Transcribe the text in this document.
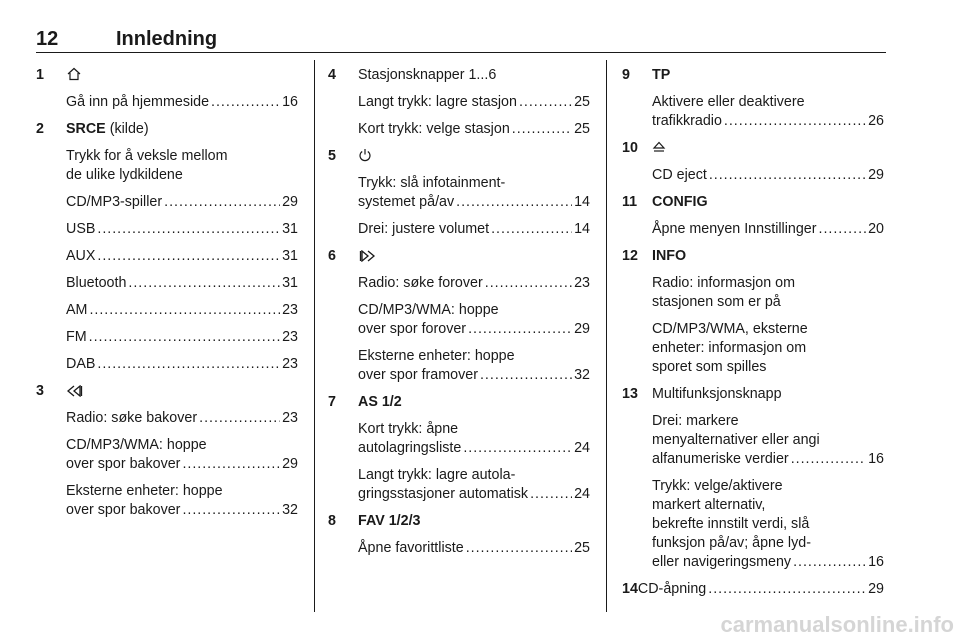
12	Innledning
1
Gå inn på hjemmeside . . .	16
2 SRCE (kilde)
Trykk for å veksle mellom
de ulike lydkildene
CD/MP3-spiller . . .	29
USB . . .	31
AUX . . .	31
Bluetooth . . .	31
AM . . .	23
FM . . .	23
DAB . . .	23
3
Radio: søke bakover . . .	23
CD/MP3/WMA: hoppe
over spor bakover . . .	29
Eksterne enheter: hoppe
over spor bakover . . .	32
4 Stasjonsknapper 1...6
Langt trykk: lagre stasjon . . .	25
Kort trykk: velge stasjon . . .	25
5
Trykk: slå infotainment-
systemet på/av . . .	14
Drei: justere volumet . . .	14
6
Radio: søke forover . . .	23
CD/MP3/WMA: hoppe
over spor forover . . .	29
Eksterne enheter: hoppe
over spor framover . . .	32
7 AS 1/2
Kort trykk: åpne
autolagringsliste . . .	24
Langt trykk: lagre autola-
gringsstasjoner automatisk . . .	24
8 FAV 1/2/3
Åpne favorittliste . . .	25
9 TP
Aktivere eller deaktivere
trafikkradio . . .	26
10
CD eject . . .	29
11 CONFIG
Åpne menyen Innstillinger . . .	20
12 INFO
Radio: informasjon om
stasjonen som er på
CD/MP3/WMA, eksterne
enheter: informasjon om
sporet som spilles
13 Multifunksjonsknapp
Drei: markere
menyalternativer eller angi
alfanumeriske verdier . . .	16
Trykk: velge/aktivere
markert alternativ,
bekrefte innstilt verdi, slå
funksjon på/av; åpne lyd-
eller navigeringsmeny . . .	16
14 CD-åpning . . .	29
carmanualsonline.info
